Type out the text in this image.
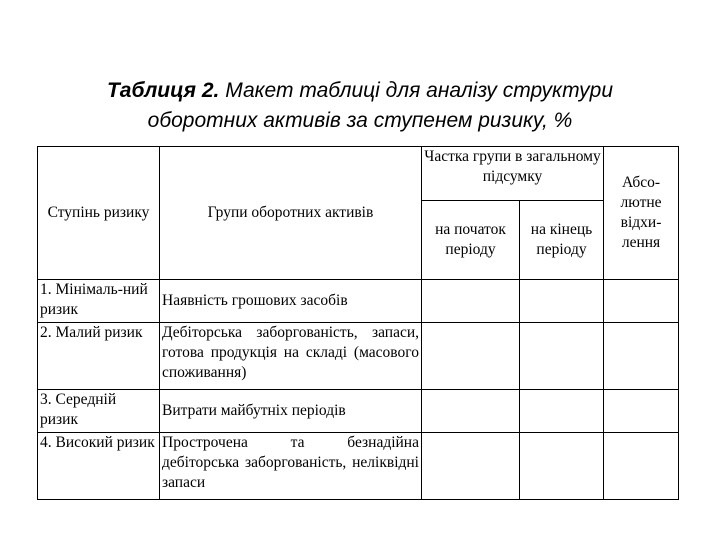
Таблиця 2. Макет таблиці для аналізу структури
оборотних активів за ступенем ризику, %
Ступінь ризику	Групи оборотних активів	Частка групи в загальному підсумку		Абсо-лютне відхи-лення
		на початок періоду	на кінець періоду	
1. Мінімаль-ний ризик	Наявність грошових засобів			
2. Малий ризик	Дебіторська заборгованість, запаси, готова продукція на складі (масового споживання)			
3. Середній ризик	Витрати майбутніх періодів			
4. Високий ризик	Прострочена та безнадійна дебіторська заборгованість, неліквідні запаси			
